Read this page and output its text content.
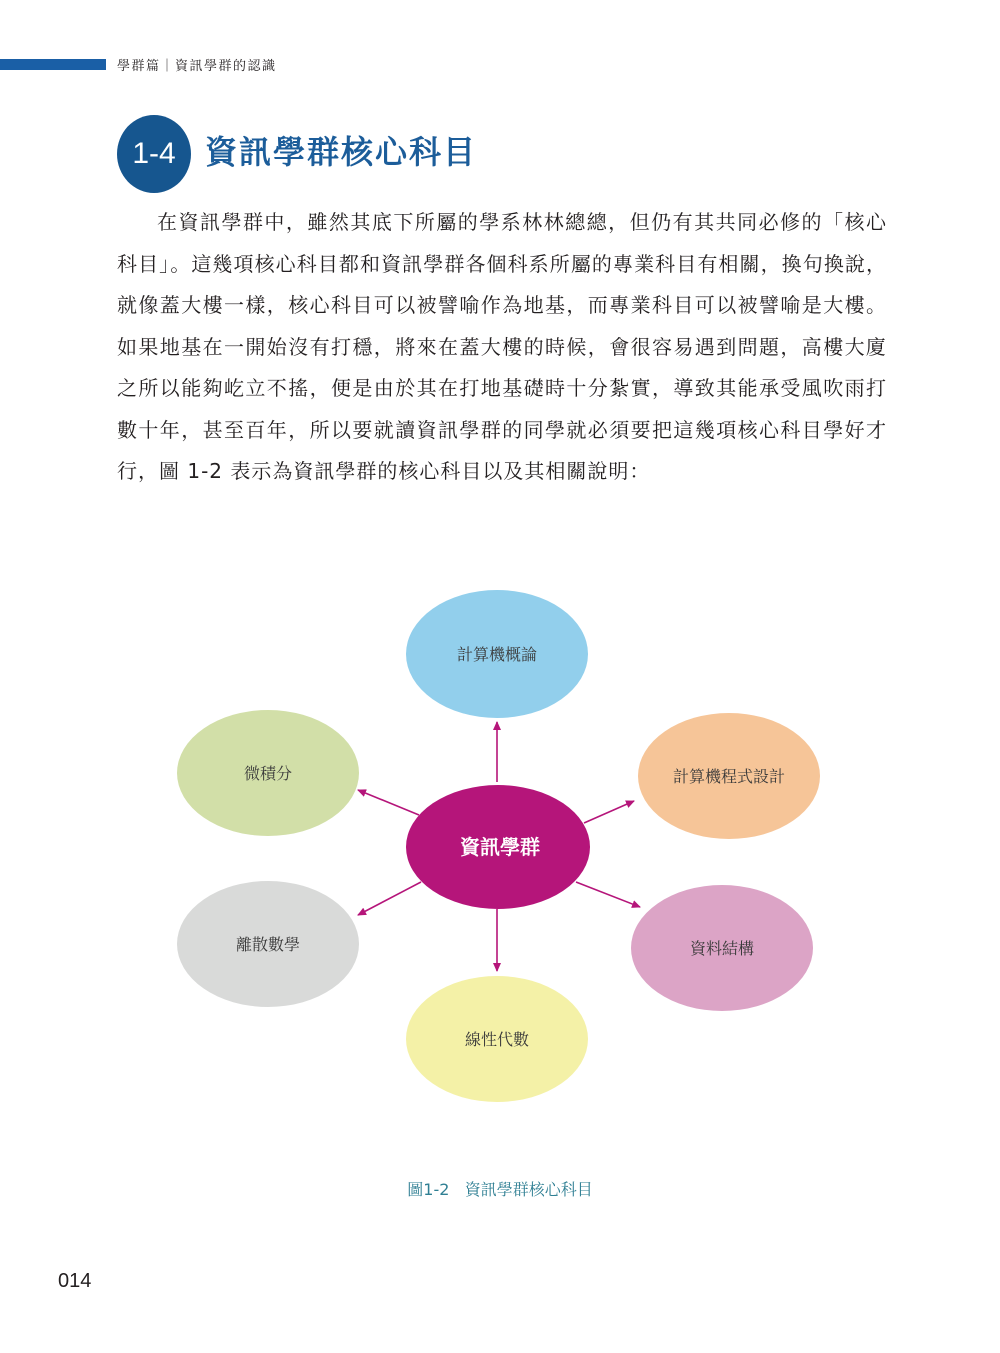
學群篇｜資訊學群的認識
1-4 資訊學群核心科目

在資訊學群中，雖然其底下所屬的學系林林總總，但仍有其共同必修的「核心科目」。這幾項核心科目都和資訊學群各個科系所屬的專業科目有相關，換句換說，就像蓋大樓一樣，核心科目可以被譬喻作為地基，而專業科目可以被譬喻是大樓。如果地基在一開始沒有打穩，將來在蓋大樓的時候，會很容易遇到問題，高樓大廈之所以能夠屹立不搖，便是由於其在打地基礎時十分紮實，導致其能承受風吹雨打數十年，甚至百年，所以要就讀資訊學群的同學就必須要把這幾項核心科目學好才行，圖 1-2 表示為資訊學群的核心科目以及其相關說明：

計算機概論
計算機程式設計
資料結構
線性代數
離散數學
微積分
資訊學群
圖1-2 資訊學群核心科目
014
